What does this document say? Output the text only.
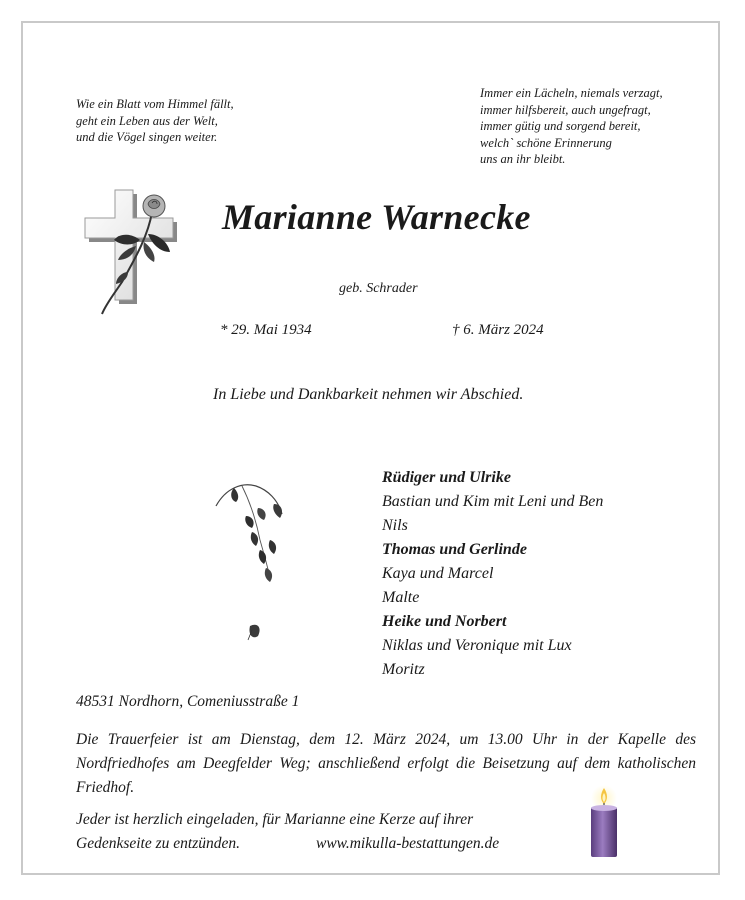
Wie ein Blatt vom Himmel fällt,
geht ein Leben aus der Welt,
und die Vögel singen weiter.
Immer ein Lächeln, niemals verzagt,
immer hilfsbereit, auch ungefragt,
immer gütig und sorgend bereit,
welch` schöne Erinnerung
uns an ihr bleibt.
Marianne Warnecke
geb. Schrader
* 29. Mai 1934	† 6. März 2024
In Liebe und Dankbarkeit nehmen wir Abschied.
Rüdiger und Ulrike
Bastian und Kim mit Leni und Ben
Nils
Thomas und Gerlinde
Kaya und Marcel
Malte
Heike und Norbert
Niklas und Veronique mit Lux
Moritz
48531 Nordhorn, Comeniusstraße 1
Die Trauerfeier ist am Dienstag, dem 12. März 2024, um 13.00 Uhr in der Kapelle des Nordfriedhofes am Deegfelder Weg; anschließend erfolgt die Beisetzung auf dem katholischen Friedhof.
Jeder ist herzlich eingeladen, für Marianne eine Kerze auf ihrer
Gedenkseite zu entzünden.	www.mikulla-bestattungen.de
